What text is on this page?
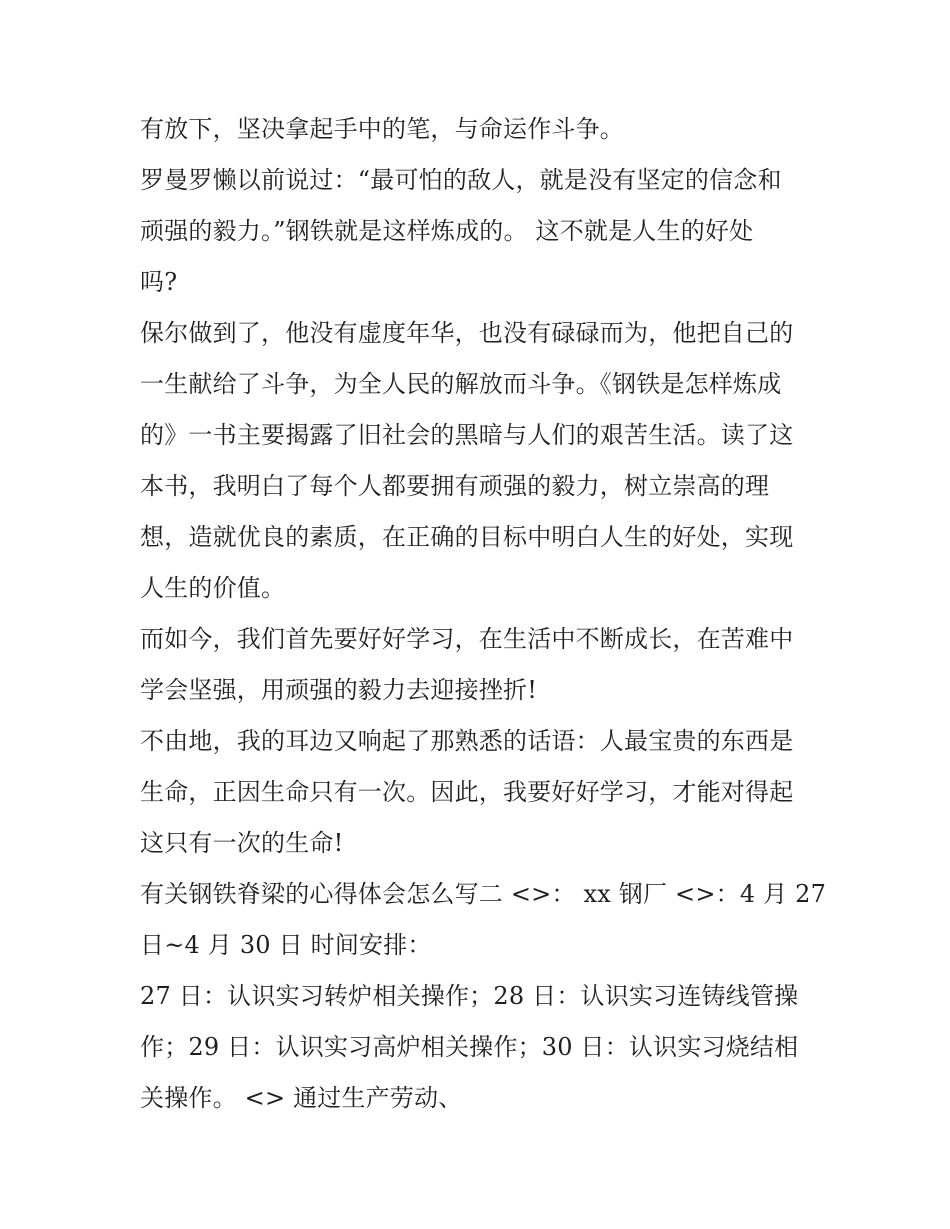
有放下，坚决拿起手中的笔，与命运作斗争。
罗曼罗懒以前说过：“最可怕的敌人，就是没有坚定的信念和
顽强的毅力。”钢铁就是这样炼成的。 这不就是人生的好处
吗?
保尔做到了，他没有虚度年华，也没有碌碌而为，他把自己的
一生献给了斗争，为全人民的解放而斗争。《钢铁是怎样炼成
的》一书主要揭露了旧社会的黑暗与人们的艰苦生活。读了这
本书，我明白了每个人都要拥有顽强的毅力，树立崇高的理
想，造就优良的素质，在正确的目标中明白人生的好处，实现
人生的价值。
而如今，我们首先要好好学习，在生活中不断成长，在苦难中
学会坚强，用顽强的毅力去迎接挫折!
不由地，我的耳边又响起了那熟悉的话语：人最宝贵的东西是
生命，正因生命只有一次。因此，我要好好学习，才能对得起
这只有一次的生命!
有关钢铁脊梁的心得体会怎么写二 <>： xx 钢厂 <>：4 月 27
日~4 月 30 日 时间安排：
27 日：认识实习转炉相关操作；28 日：认识实习连铸线管操
作；29 日：认识实习高炉相关操作；30 日：认识实习烧结相
关操作。 <> 通过生产劳动、
